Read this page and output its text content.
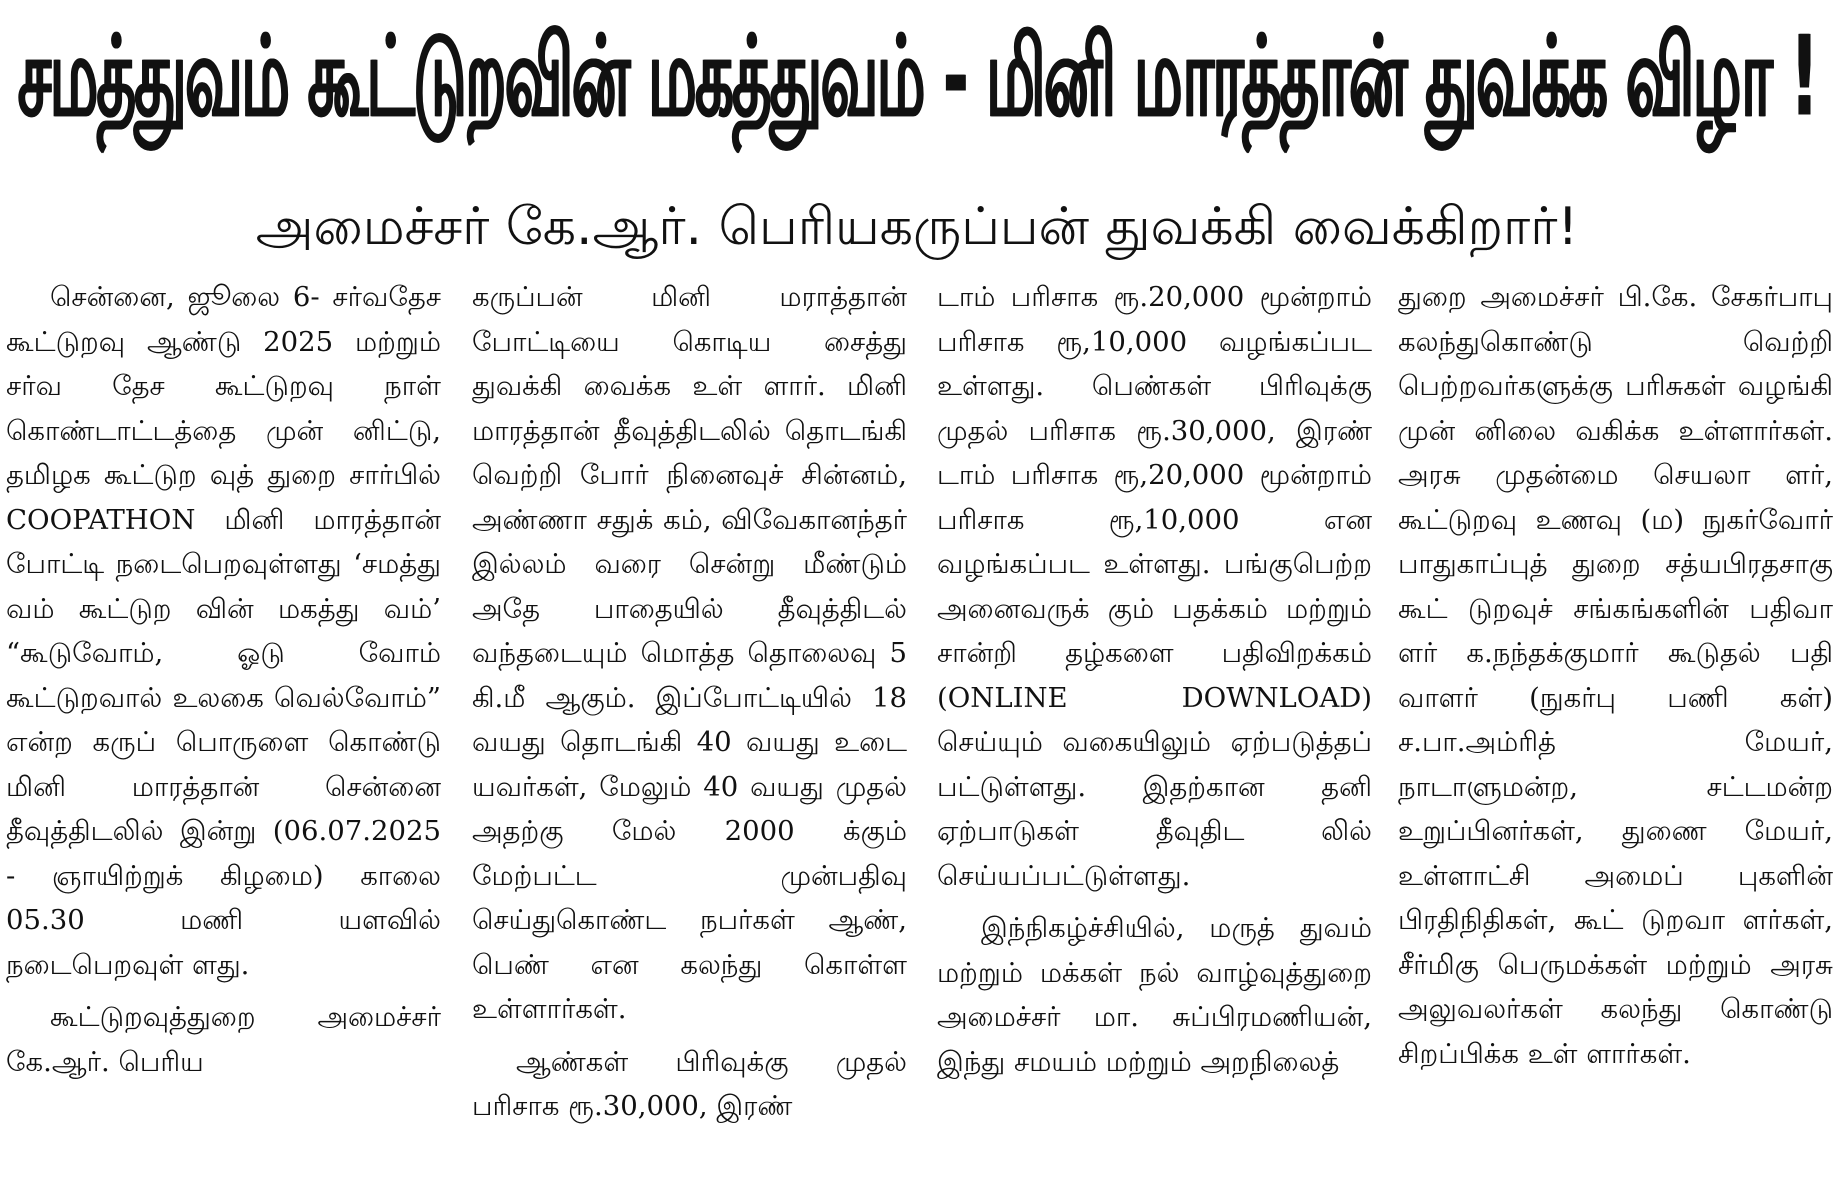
சமத்துவம் கூட்டுறவின் மகத்துவம் - மினி மாரத்தான் துவக்க விழா !
அமைச்சர் கே.ஆர். பெரியகருப்பன் துவக்கி வைக்கிறார்!

சென்னை, ஜூலை 6- சர்வதேச கூட்டுறவு ஆண்டு 2025 மற்றும் சர்வ தேச கூட்டுறவு நாள் கொண்டாட்டத்தை முன் னிட்டு, தமிழக கூட்டுற வுத் துறை சார்பில் COOPATHON மினி மாரத்தான் போட்டி நடைபெறவுள்ளது ‘சமத்து வம் கூட்டுற வின் மகத்து வம்’ “கூடுவோம், ஓடு வோம் கூட்டுறவால் உலகை வெல்வோம்” என்ற கருப் பொருளை கொண்டு மினி மாரத்தான் சென்னை தீவுத்திடலில் இன்று (06.07.2025 - ஞாயிற்றுக் கிழமை) காலை 05.30 மணி யளவில் நடைபெறவுள் ளது.

கூட்டுறவுத்துறை அமைச்சர் கே.ஆர். பெரிய

கருப்பன் மினி மராத்தான் போட்டியை கொடிய சைத்து துவக்கி வைக்க உள் ளார். மினி மாரத்தான் தீவுத்திடலில் தொடங்கி வெற்றி போர் நினைவுச் சின்னம், அண்ணா சதுக் கம், விவேகானந்தர் இல்லம் வரை சென்று மீண்டும் அதே பாதையில் தீவுத்திடல் வந்தடையும் மொத்த தொலைவு 5 கி.மீ ஆகும். இப்போட்டியில் 18 வயது தொடங்கி 40 வயது உடை யவர்கள், மேலும் 40 வயது முதல் அதற்கு மேல் 2000 க்கும் மேற்பட்ட முன்பதிவு செய்துகொண்ட நபர்கள் ஆண், பெண் என கலந்து கொள்ள உள்ளார்கள்.

ஆண்கள் பிரிவுக்கு முதல் பரிசாக ரூ.30,000, இரண்

டாம் பரிசாக ரூ.20,000 மூன்றாம் பரிசாக ரூ,10,000 வழங்கப்பட உள்ளது. பெண்கள் பிரிவுக்கு முதல் பரிசாக ரூ.30,000, இரண் டாம் பரிசாக ரூ,20,000 மூன்றாம் பரிசாக ரூ,10,000 என வழங்கப்பட உள்ளது. பங்குபெற்ற அனைவருக் கும் பதக்கம் மற்றும் சான்றி தழ்களை பதிவிறக்கம் (ONLINE DOWNLOAD) செய்யும் வகையிலும் ஏற்படுத்தப் பட்டுள்ளது. இதற்கான தனி ஏற்பாடுகள் தீவுதிட லில் செய்யப்பட்டுள்ளது.

இந்நிகழ்ச்சியில், மருத் துவம் மற்றும் மக்கள் நல் வாழ்வுத்துறை அமைச்சர் மா. சுப்பிரமணியன், இந்து சமயம் மற்றும் அறநிலைத்

துறை அமைச்சர் பி.கே. சேகர்பாபு கலந்துகொண்டு வெற்றி பெற்றவர்களுக்கு பரிசுகள் வழங்கி முன் னிலை வகிக்க உள்ளார்கள். அரசு முதன்மை செயலா ளர், கூட்டுறவு உணவு (ம) நுகர்வோர் பாதுகாப்புத் துறை சத்யபிரதசாகு கூட் டுறவுச் சங்கங்களின் பதிவா ளர் க.நந்தக்குமார் கூடுதல் பதி வாளர் (நுகர்பு பணி கள்) ச.பா.அம்ரித் மேயர், நாடாளுமன்ற, சட்டமன்ற உறுப்பினர்கள், துணை மேயர், உள்ளாட்சி அமைப் புகளின் பிரதிநிதிகள், கூட் டுறவா ளர்கள், சீர்மிகு பெருமக்கள் மற்றும் அரசு அலுவலர்கள் கலந்து கொண்டு சிறப்பிக்க உள் ளார்கள்.
